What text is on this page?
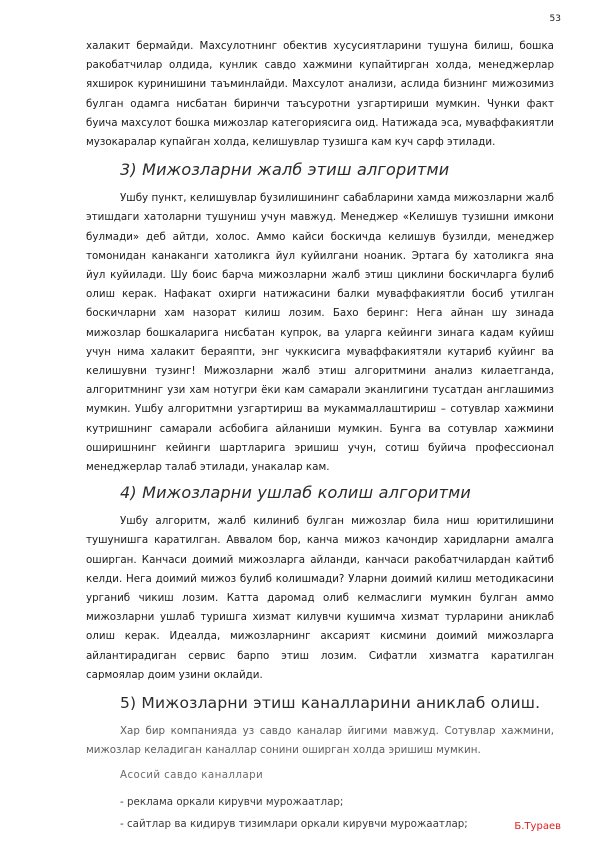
53

халакит бермайди. Махсулотнинг обектив хусусиятларини тушуна билиш, бошка ракобатчилар олдида, кунлик савдо хажмини купайтирган холда, менеджерлар яхширок куринишини таъминлайди. Махсулот анализи, аслида бизнинг мижозимиз булган одамга нисбатан биринчи таъсуротни узгартириши мумкин. Чунки факт буича махсулот бошка мижозлар категориясига оид. Натижада эса, муваффакиятли музокаралар купайган холда, келишувлар тузишга кам куч сарф этилади.

3) Мижозларни жалб этиш алгоритми

Ушбу пункт, келишувлар бузилишининг сабабларини хамда мижозларни жалб этишдаги хатоларни тушуниш учун мавжуд. Менеджер «Келишув тузишни имкони булмади» деб айтди, холос. Аммо кайси боскичда келишув бузилди, менеджер томонидан канаканги хатоликга йул куйилгани ноаник. Эртага бу хатоликга яна йул куйилади. Шу боис барча мижозларни жалб этиш циклини боскичларга булиб олиш керак. Нафакат охирги натижасини балки муваффакиятли босиб утилган боскичларни хам назорат килиш лозим. Бахо беринг: Нега айнан шу зинада мижозлар бошкаларига нисбатан купрок, ва уларга кейинги зинага кадам куйиш учун нима халакит бераяпти, энг чуккисига муваффакиятяли кутариб куйинг ва келишувни тузинг! Мижозларни жалб этиш алгоритмини анализ килаетганда, алгоритмнинг узи хам нотугри ёки кам самарали эканлигини тусатдан англашимиз мумкин. Ушбу алгоритмни узгартириш ва мукаммаллаштириш – сотувлар хажмини кутришнинг самарали асбобига айланиши мумкин. Бунга ва сотувлар хажмини оширишнинг кейинги шартларига эришиш учун, сотиш буйича профессионал менеджерлар талаб этилади, унакалар кам.

4) Мижозларни ушлаб колиш алгоритми

Ушбу алгоритм, жалб килиниб булган мижозлар била ниш юритилишини тушунишга каратилган. Аввалом бор, канча мижоз качондир харидларни амалга оширган. Канчаси доимий мижозларга айланди, канчаси ракобатчилардан кайтиб келди. Нега доимий мижоз булиб колишмади? Уларни доимий килиш методикасини урганиб чикиш лозим. Катта даромад олиб келмаслиги мумкин булган аммо мижозларни ушлаб туришга хизмат килувчи кушимча хизмат турларини аниклаб олиш керак. Идеалда, мижозларнинг аксарият кисмини доимий мижозларга айлантирадиган сервис барпо этиш лозим. Сифатли хизматга каратилган сармоялар доим узини оклайди.

5) Мижозларни этиш каналларини аниклаб олиш.

Хар бир компанияда уз савдо каналар йигими мавжуд. Сотувлар хажмини, мижозлар келадиган каналлар сонини оширган холда эришиш мумкин.

Асосий савдо каналлари
- реклама оркали кирувчи мурожаатлар;
- сайтлар ва кидирув тизимлари оркали кирувчи мурожаатлар;	Б.Тураев
